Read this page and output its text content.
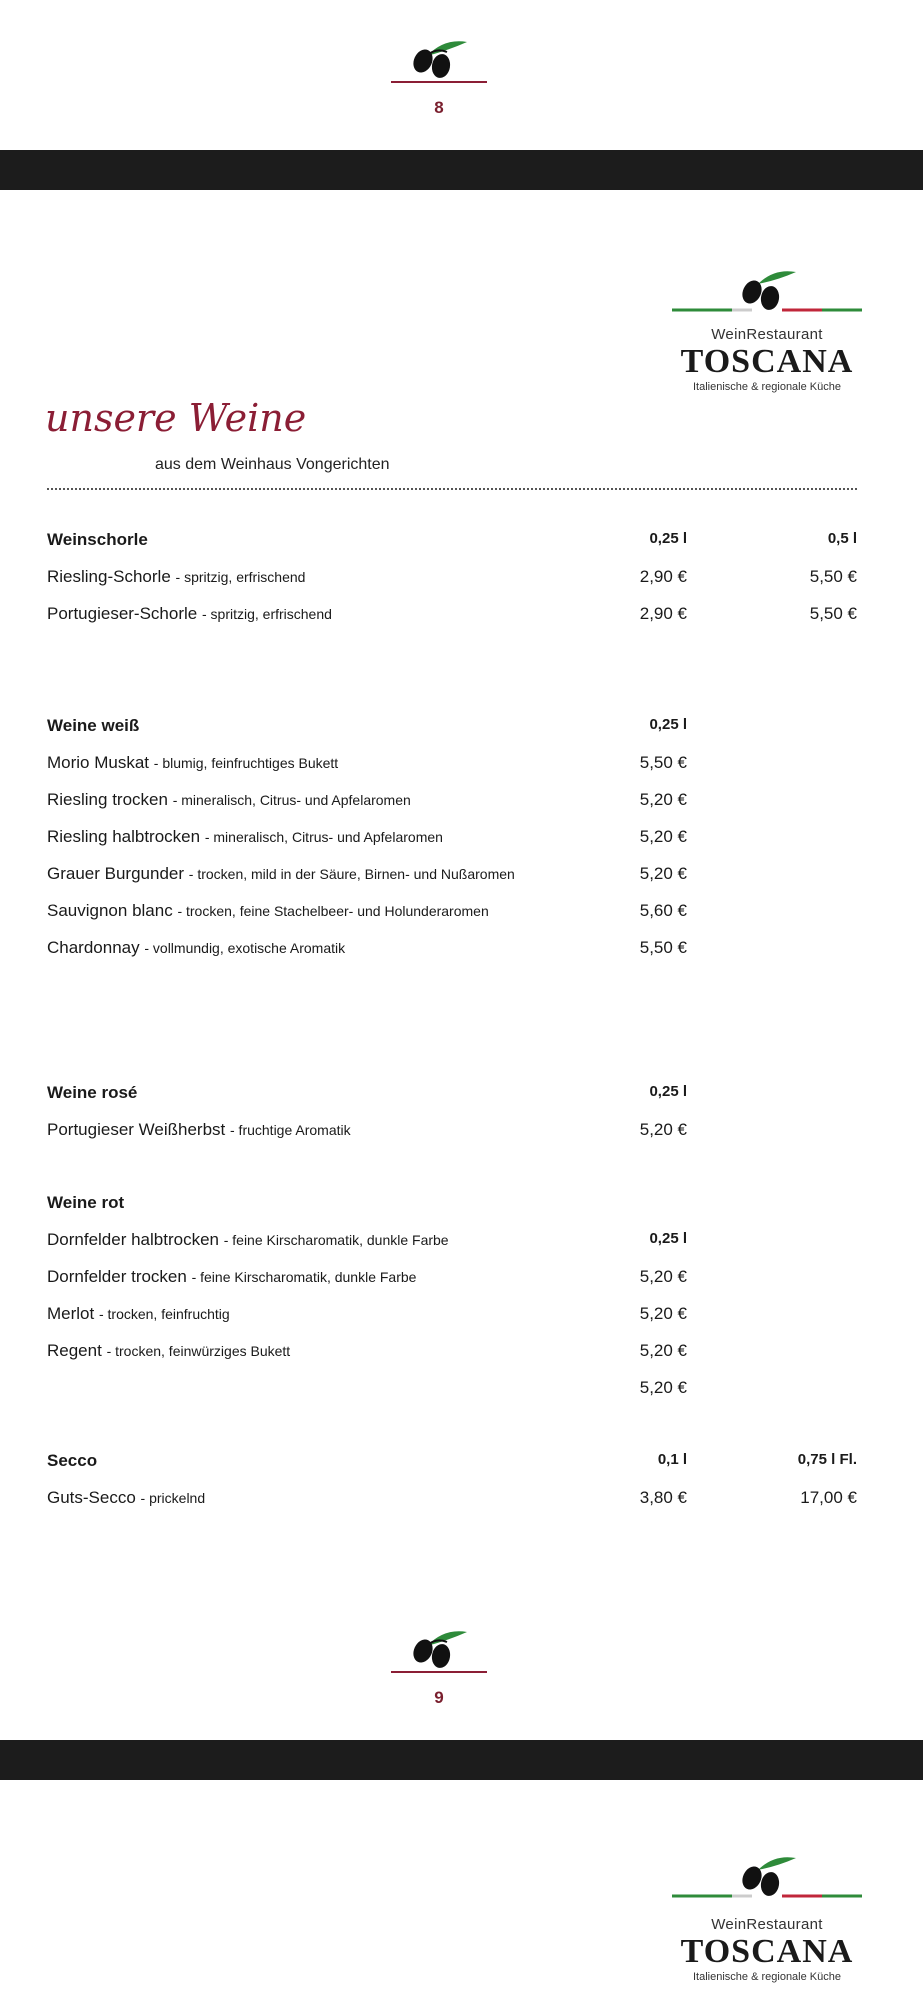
8
WeinRestaurant
TOSCANA
Italienische & regionale Küche
unsere Weine
aus dem Weinhaus Vongerichten
Weinschorle	0,25 l	0,5 l
Riesling-Schorle - spritzig, erfrischend	2,90 €	5,50 €
Portugieser-Schorle - spritzig, erfrischend	2,90 €	5,50 €
Weine weiß	0,25 l
Morio Muskat - blumig, feinfruchtiges Bukett	5,50 €
Riesling trocken - mineralisch, Citrus- und Apfelaromen	5,20 €
Riesling halbtrocken - mineralisch, Citrus- und Apfelaromen	5,20 €
Grauer Burgunder - trocken, mild in der Säure, Birnen- und Nußaromen	5,20 €
Sauvignon blanc - trocken, feine Stachelbeer- und Holunderaromen	5,60 €
Chardonnay - vollmundig, exotische Aromatik	5,50 €
Weine rosé	0,25 l
Portugieser Weißherbst - fruchtige Aromatik	5,20 €
Weine rot
Dornfelder halbtrocken - feine Kirscharomatik, dunkle Farbe	0,25 l
Dornfelder trocken - feine Kirscharomatik, dunkle Farbe	5,20 €
Merlot - trocken, feinfruchtig	5,20 €
Regent - trocken, feinwürziges Bukett	5,20 €
5,20 €
Secco	0,1 l	0,75 l Fl.
Guts-Secco - prickelnd	3,80 €	17,00 €
9
WeinRestaurant
TOSCANA
Italienische & regionale Küche
